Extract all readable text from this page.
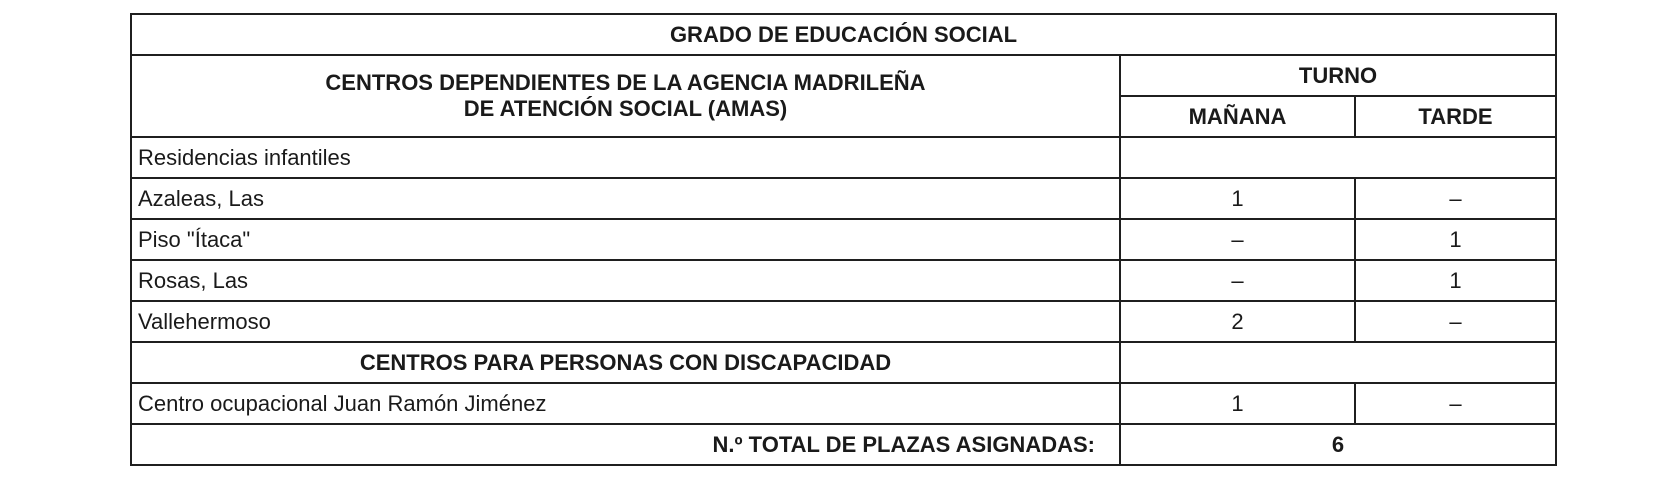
GRADO DE EDUCACIÓN SOCIAL		

CENTROS DEPENDIENTES DE LA AGENCIA MADRILEÑA
DE ATENCIÓN SOCIAL (AMAS)	TURNO	
	MAÑANA	TARDE
Residencias infantiles		
Azaleas, Las	1	–
Piso "Ítaca"	–	1
Rosas, Las	–	1
Vallehermoso	2	–
CENTROS PARA PERSONAS CON DISCAPACIDAD		
Centro ocupacional Juan Ramón Jiménez	1	–
N.º TOTAL DE PLAZAS ASIGNADAS:	6	
